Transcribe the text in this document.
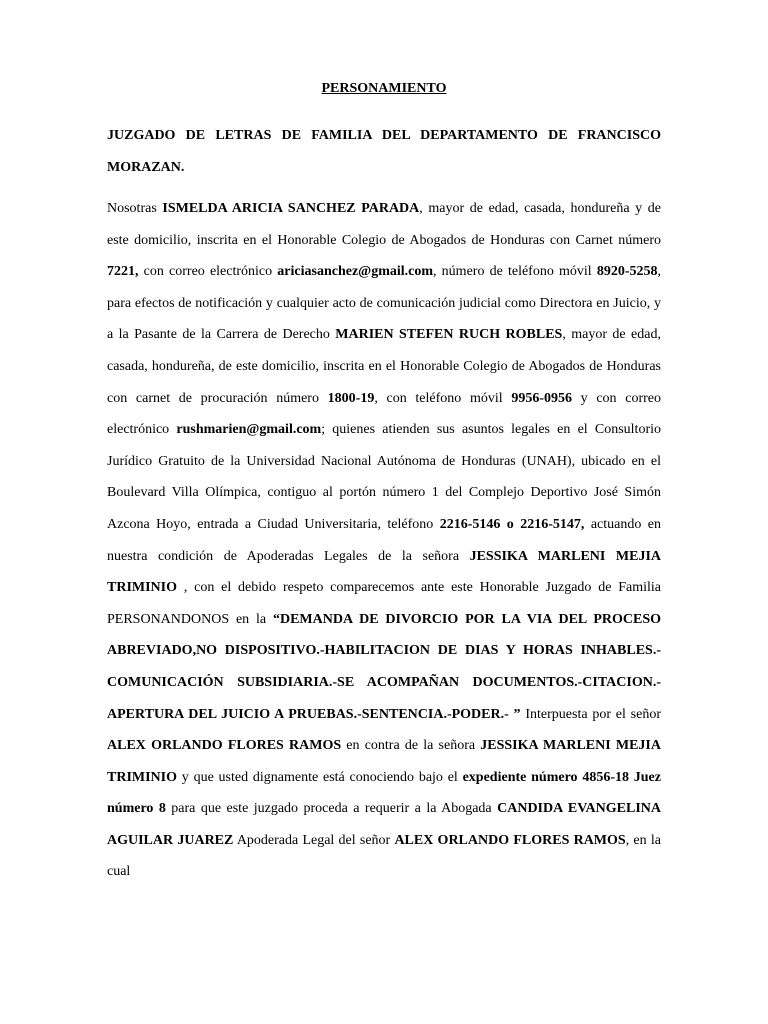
PERSONAMIENTO
JUZGADO DE LETRAS DE FAMILIA DEL DEPARTAMENTO DE FRANCISCO MORAZAN.
Nosotras ISMELDA ARICIA SANCHEZ PARADA, mayor de edad, casada, hondureña y de este domicilio, inscrita en el Honorable Colegio de Abogados de Honduras con Carnet número 7221, con correo electrónico ariciasanchez@gmail.com, número de teléfono móvil 8920-5258, para efectos de notificación y cualquier acto de comunicación judicial como Directora en Juicio, y a la Pasante de la Carrera de Derecho MARIEN STEFEN RUCH ROBLES, mayor de edad, casada, hondureña, de este domicilio, inscrita en el Honorable Colegio de Abogados de Honduras con carnet de procuración número 1800-19, con teléfono móvil 9956-0956 y con correo electrónico rushmarien@gmail.com; quienes atienden sus asuntos legales en el Consultorio Jurídico Gratuito de la Universidad Nacional Autónoma de Honduras (UNAH), ubicado en el Boulevard Villa Olímpica, contiguo al portón número 1 del Complejo Deportivo José Simón Azcona Hoyo, entrada a Ciudad Universitaria, teléfono 2216-5146 o 2216-5147, actuando en nuestra condición de Apoderadas Legales de la señora JESSIKA MARLENI MEJIA TRIMINIO , con el debido respeto comparecemos ante este Honorable Juzgado de Familia PERSONANDONOS en la “DEMANDA DE DIVORCIO POR LA VIA DEL PROCESO ABREVIADO,NO DISPOSITIVO.-HABILITACION DE DIAS Y HORAS INHABLES.-COMUNICACIÓN SUBSIDIARIA.-SE ACOMPAÑAN DOCUMENTOS.-CITACION.-APERTURA DEL JUICIO A PRUEBAS.-SENTENCIA.-PODER.- ” Interpuesta por el señor ALEX ORLANDO FLORES RAMOS en contra de la señora JESSIKA MARLENI MEJIA TRIMINIO y que usted dignamente está conociendo bajo el expediente número 4856-18 Juez número 8 para que este juzgado proceda a requerir a la Abogada CANDIDA EVANGELINA AGUILAR JUAREZ Apoderada Legal del señor ALEX ORLANDO FLORES RAMOS, en la cual
